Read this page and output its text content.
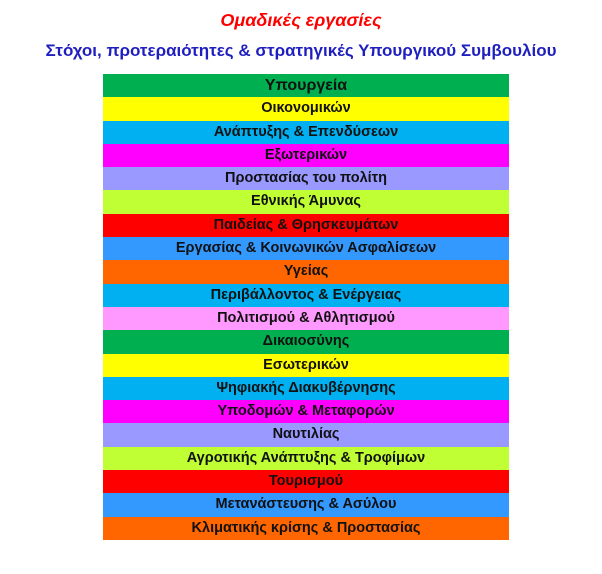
Ομαδικές εργασίες
Στόχοι, προτεραιότητες & στρατηγικές Υπουργικού Συμβουλίου
Υπουργεία
Οικονομικών
Ανάπτυξης & Επενδύσεων
Εξωτερικών
Προστασίας του πολίτη
Εθνικής Άμυνας
Παιδείας & Θρησκευμάτων
Εργασίας & Κοινωνικών Ασφαλίσεων
Υγείας
Περιβάλλοντος & Ενέργειας
Πολιτισμού & Αθλητισμού
Δικαιοσύνης
Εσωτερικών
Ψηφιακής Διακυβέρνησης
Υποδομών & Μεταφορών
Ναυτιλίας
Αγροτικής Ανάπτυξης & Τροφίμων
Τουρισμού
Μετανάστευσης & Ασύλου
Κλιματικής κρίσης & Προστασίας
